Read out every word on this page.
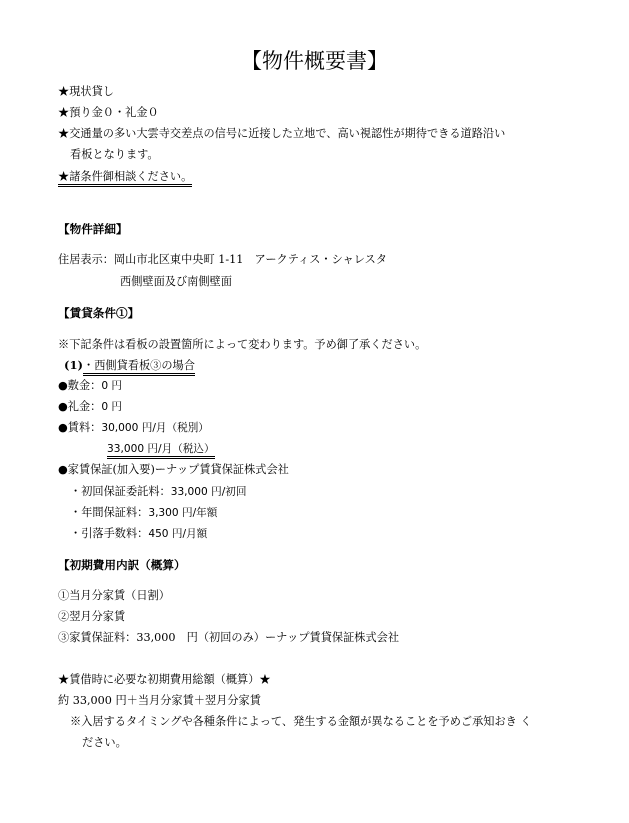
【物件概要書】
★現状貸し
★預り金０・礼金０
★交通量の多い大雲寺交差点の信号に近接した立地で、高い視認性が期待できる道路沿い
看板となります。
★諸条件御相談ください。
【物件詳細】
住居表示：岡山市北区東中央町 1-11　アークティス・シャレスタ
西側壁面及び南側壁面
【賃貸条件①】
※下記条件は看板の設置箇所によって変わります。予め御了承ください。
(1)・西側貸看板③の場合
●敷金：0 円
●礼金：0 円
●賃料：30,000 円/月（税別）
33,000 円/月（税込）
●家賃保証(加入要)ーナップ賃貸保証株式会社
・初回保証委託料：33,000 円/初回
・年間保証料：3,300 円/年額
・引落手数料：450 円/月額
【初期費用内訳（概算）
①当月分家賃（日割）
②翌月分家賃
③家賃保証料：33,000　円（初回のみ）ーナップ賃貸保証株式会社
★賃借時に必要な初期費用総額（概算）★
約 33,000 円＋当月分家賃＋翌月分家賃
※入居するタイミングや各種条件によって、発生する金額が異なることを予めご承知おき く
ださい。
